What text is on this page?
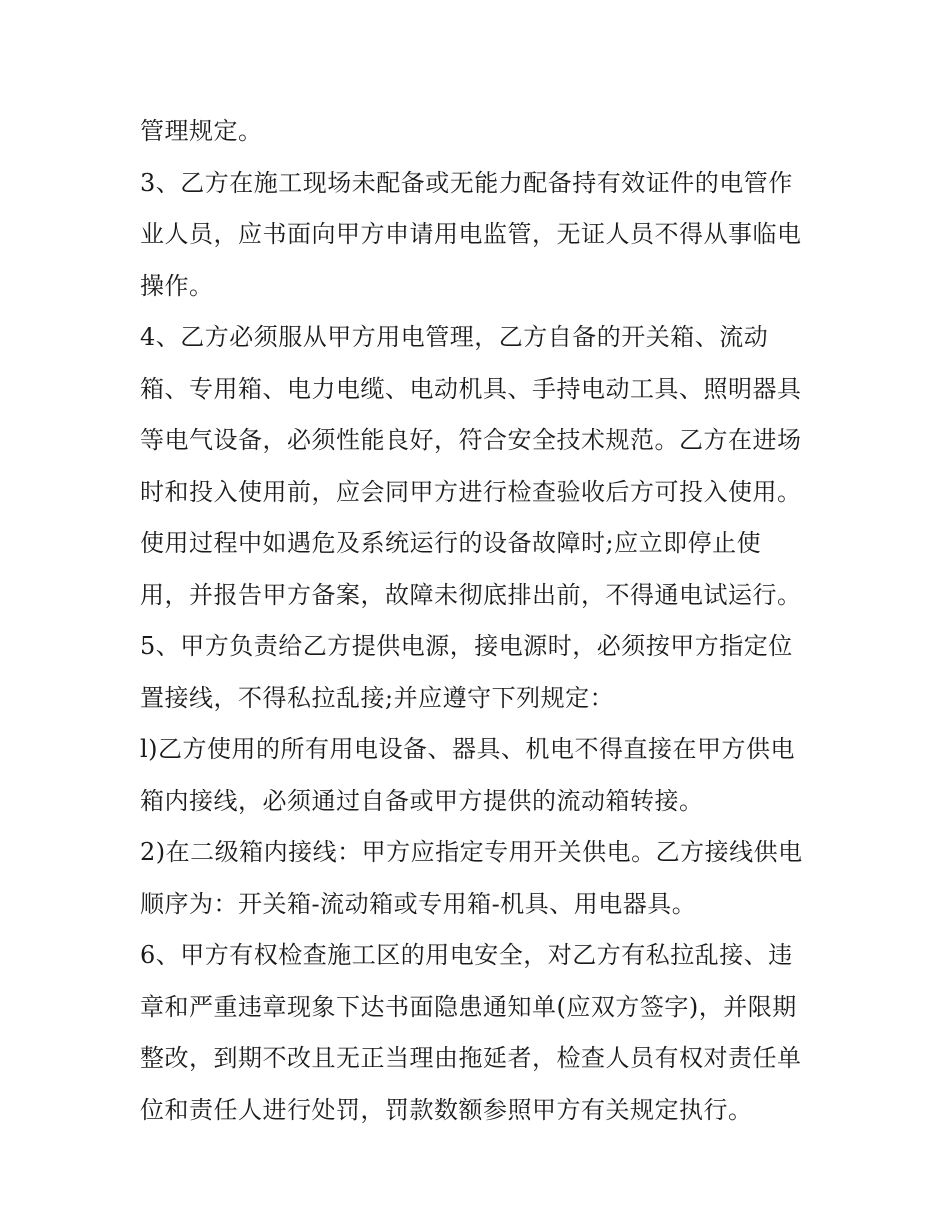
管理规定。
3、乙方在施工现场未配备或无能力配备持有效证件的电管作
业人员，应书面向甲方申请用电监管，无证人员不得从事临电
操作。
4、乙方必须服从甲方用电管理，乙方自备的开关箱、流动
箱、专用箱、电力电缆、电动机具、手持电动工具、照明器具
等电气设备，必须性能良好，符合安全技术规范。乙方在进场
时和投入使用前，应会同甲方进行检查验收后方可投入使用。
使用过程中如遇危及系统运行的设备故障时;应立即停止使
用，并报告甲方备案，故障未彻底排出前，不得通电试运行。
5、甲方负责给乙方提供电源，接电源时，必须按甲方指定位
置接线，不得私拉乱接;并应遵守下列规定：
l)乙方使用的所有用电设备、器具、机电不得直接在甲方供电
箱内接线，必须通过自备或甲方提供的流动箱转接。
2)在二级箱内接线：甲方应指定专用开关供电。乙方接线供电
顺序为：开关箱-流动箱或专用箱-机具、用电器具。
6、甲方有权检查施工区的用电安全，对乙方有私拉乱接、违
章和严重违章现象下达书面隐患通知单(应双方签字)，并限期
整改，到期不改且无正当理由拖延者，检查人员有权对责任单
位和责任人进行处罚，罚款数额参照甲方有关规定执行。
